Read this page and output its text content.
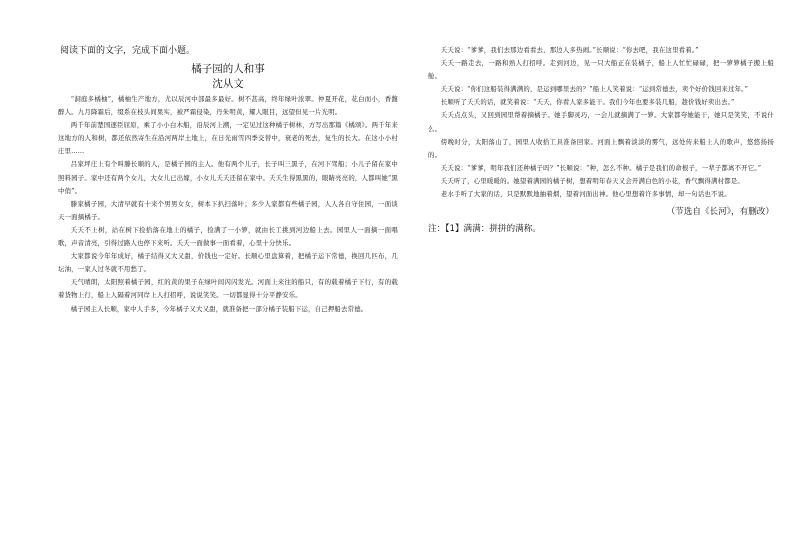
阅读下面的文字，完成下面小题。
橘子园的人和事
沈从文

“洞庭多橘柚”，橘柚生产地方，尤以辰河中部最多最好。树不甚高，终年绿叶浓翠。仲夏开花，花白而小，香馥醉人。九月降霜后，缀系在枝头间果实，被严霜侵染，丹朱明黄，耀人眼目，远望但见一片光明。

两千年前楚国逐臣屈原，乘了小小白木船，沿辰河上溯，一定见过这种橘子树林，方写出那篇《橘颂》。两千年来这地方的人和树，都还依然寄生在沿河两岸土地上，在日光雨雪四季交替中，衰老的死去，复生的长大。在这小小村庄里……

吕家坪庄上有个叫滕长顺的人，是橘子园的主人。他有两个儿子，长子叫三黑子，在河下驾船；小儿子留在家中照料园子。家中还有两个女儿，大女儿已出嫁，小女儿夭夭还留在家中。夭夭生得黑黑的，眼睛亮亮的，人都叫她“黑中俏”。

滕家橘子园，大清早就有十来个男男女女，树本下扒扫落叶；多少人家都有些橘子园，人人各自守住园，一面谈天一面摘橘子。

夭夭不上树，站在树下捡拾落在地上的橘子，捡满了一小箩，就由长工挑到河边船上去。园里人一面摘一面唱歌，声音清亮，引得过路人也停下来听。夭夭一面做事一面看着，心里十分快乐。

大家都说今年年成好，橘子结得又大又甜，价钱也一定好。长顺心里盘算着，把橘子运下常德，换回几匹布，几坛油，一家人过冬就不用愁了。

天气晴朗，太阳照着橘子园，红的黄的果子在绿叶间闪闪发光。河面上来往的船只，有的载着橘子下行，有的载着货物上行，船上人隔着河同岸上人打招呼，说说笑笑。一切都显得十分平静安乐。

橘子园主人长顺，家中人手多，今年橘子又大又甜，就准备把一部分橘子装船下运，自己押船去常德。

夭夭说：“爹爹，我们去那边看看去，那边人多热闹。”长顺说：“你去吧，我在这里看着。”

夭夭一路走去，一路和熟人打招呼。走到河边，见一只大船正在装橘子，船上人忙忙碌碌，把一箩箩橘子搬上船舱。

夭夭说：“你们这船装得满满的，是运到哪里去的？”船上人笑着说：“运到常德去，卖个好价钱回来过年。”

长顺听了夭夭的话，就笑着说：“夭夭，你看人家多能干。我们今年也要多装几船，趁价钱好卖出去。”

夭夭点点头，又回到园里帮着摘橘子。她手脚灵巧，一会儿就摘满了一箩。大家都夸她能干，她只是笑笑，不说什么。

傍晚时分，太阳落山了，园里人收拾工具准备回家。河面上飘着淡淡的雾气，远处传来船上人的歌声，悠悠扬扬的。

夭夭说：“爹爹，明年我们还种橘子吗？”长顺说：“种，怎么不种。橘子是我们的命根子，一辈子都离不开它。”

夭夭听了，心里暖暖的。她望着满园的橘子树，想着明年春天又会开满白色的小花，香气飘得满村都是。

老水手听了大家的话，只是默默地抽着烟，望着河面出神。他心里想着许多事情，却一句话也不说。

（节选自《长河》，有删改）
注：【1】满满：拼拼的满称。
